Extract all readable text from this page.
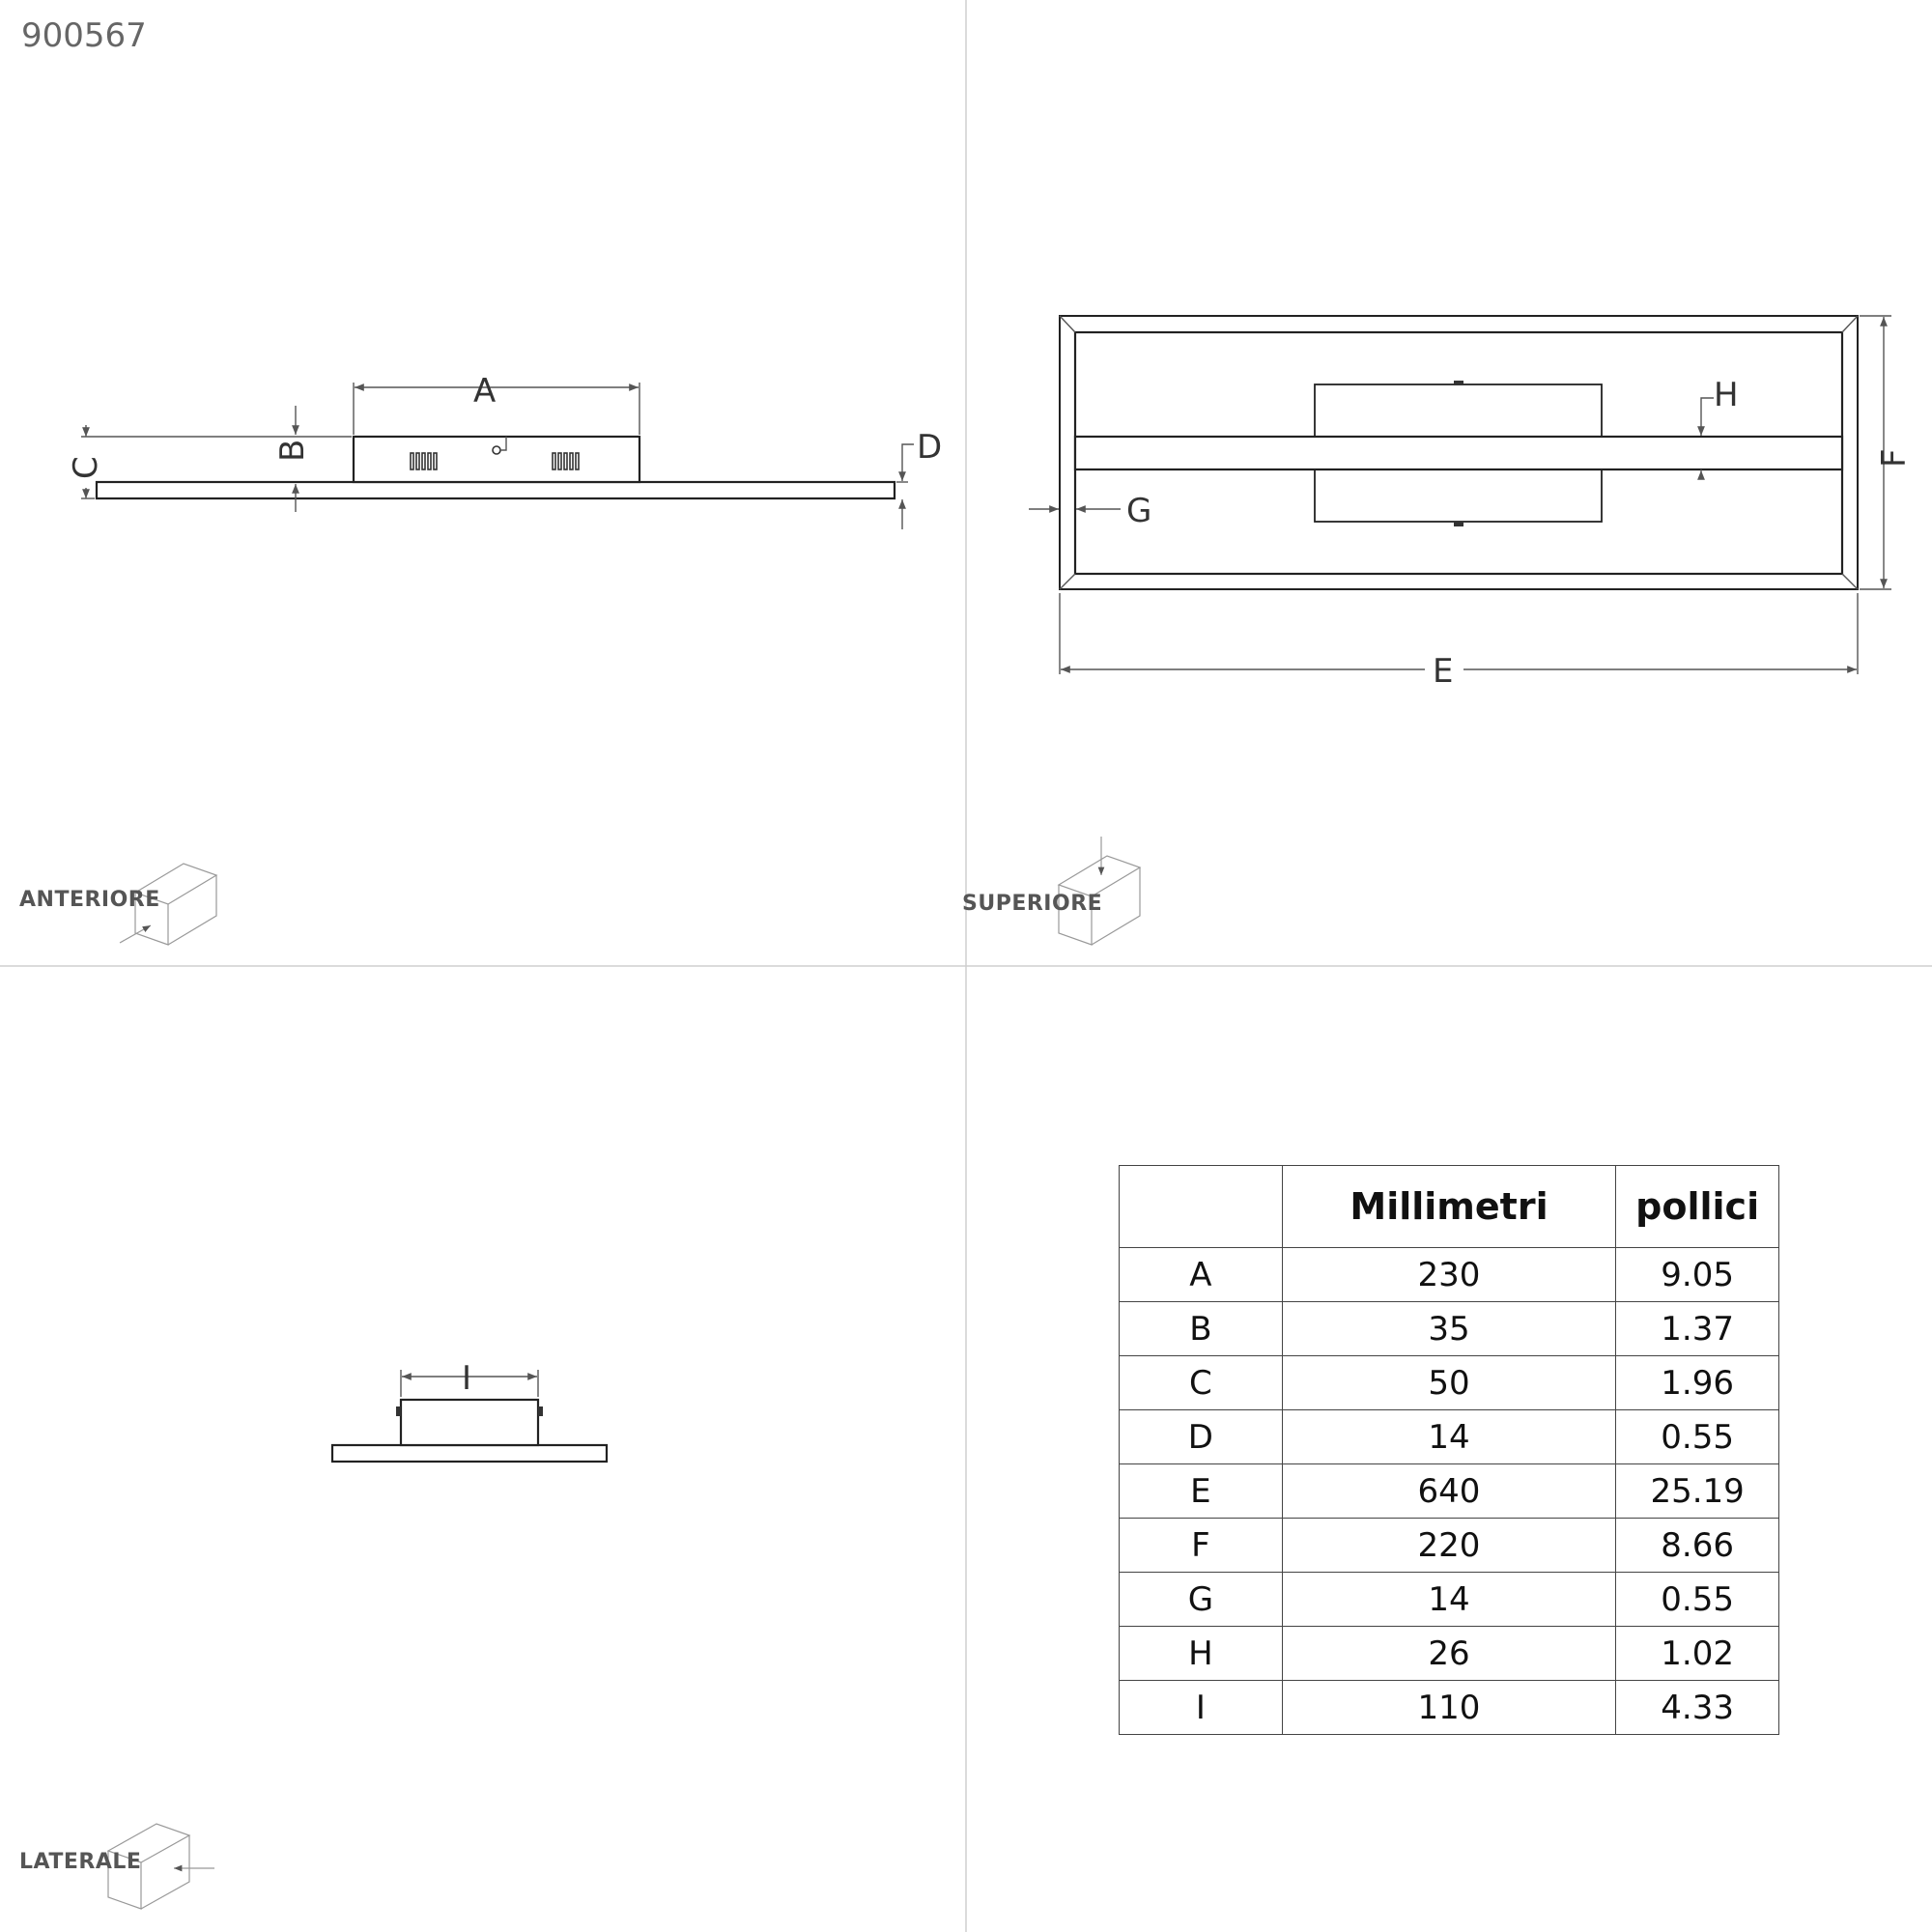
900567
A
B
C
D
ANTERIORE
E
F
G
H
SUPERIORE
I
LATERALE
	Millimetri	pollici
A	230	9.05
B	35	1.37
C	50	1.96
D	14	0.55
E	640	25.19
F	220	8.66
G	14	0.55
H	26	1.02
I	110	4.33
